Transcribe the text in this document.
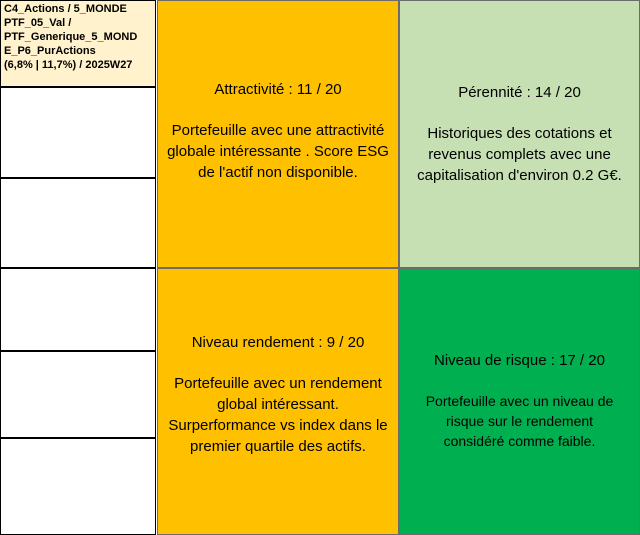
C4_Actions / 5_MONDE
PTF_05_Val /
PTF_Generique_5_MOND
E_P6_PurActions
(6,8% | 11,7%) / 2025W27
Attractivité : 11 / 20
Portefeuille avec une attractivité
globale intéressante . Score ESG
de l'actif non disponible.
Pérennité : 14 / 20
Historiques des cotations et
revenus complets avec une
capitalisation d'environ 0.2 G€.
Niveau rendement : 9 / 20
Portefeuille avec un rendement
global intéressant.
Surperformance vs index dans le
premier quartile des actifs.
Niveau de risque : 17 / 20
Portefeuille avec un niveau de
risque sur le rendement
considéré comme faible.
